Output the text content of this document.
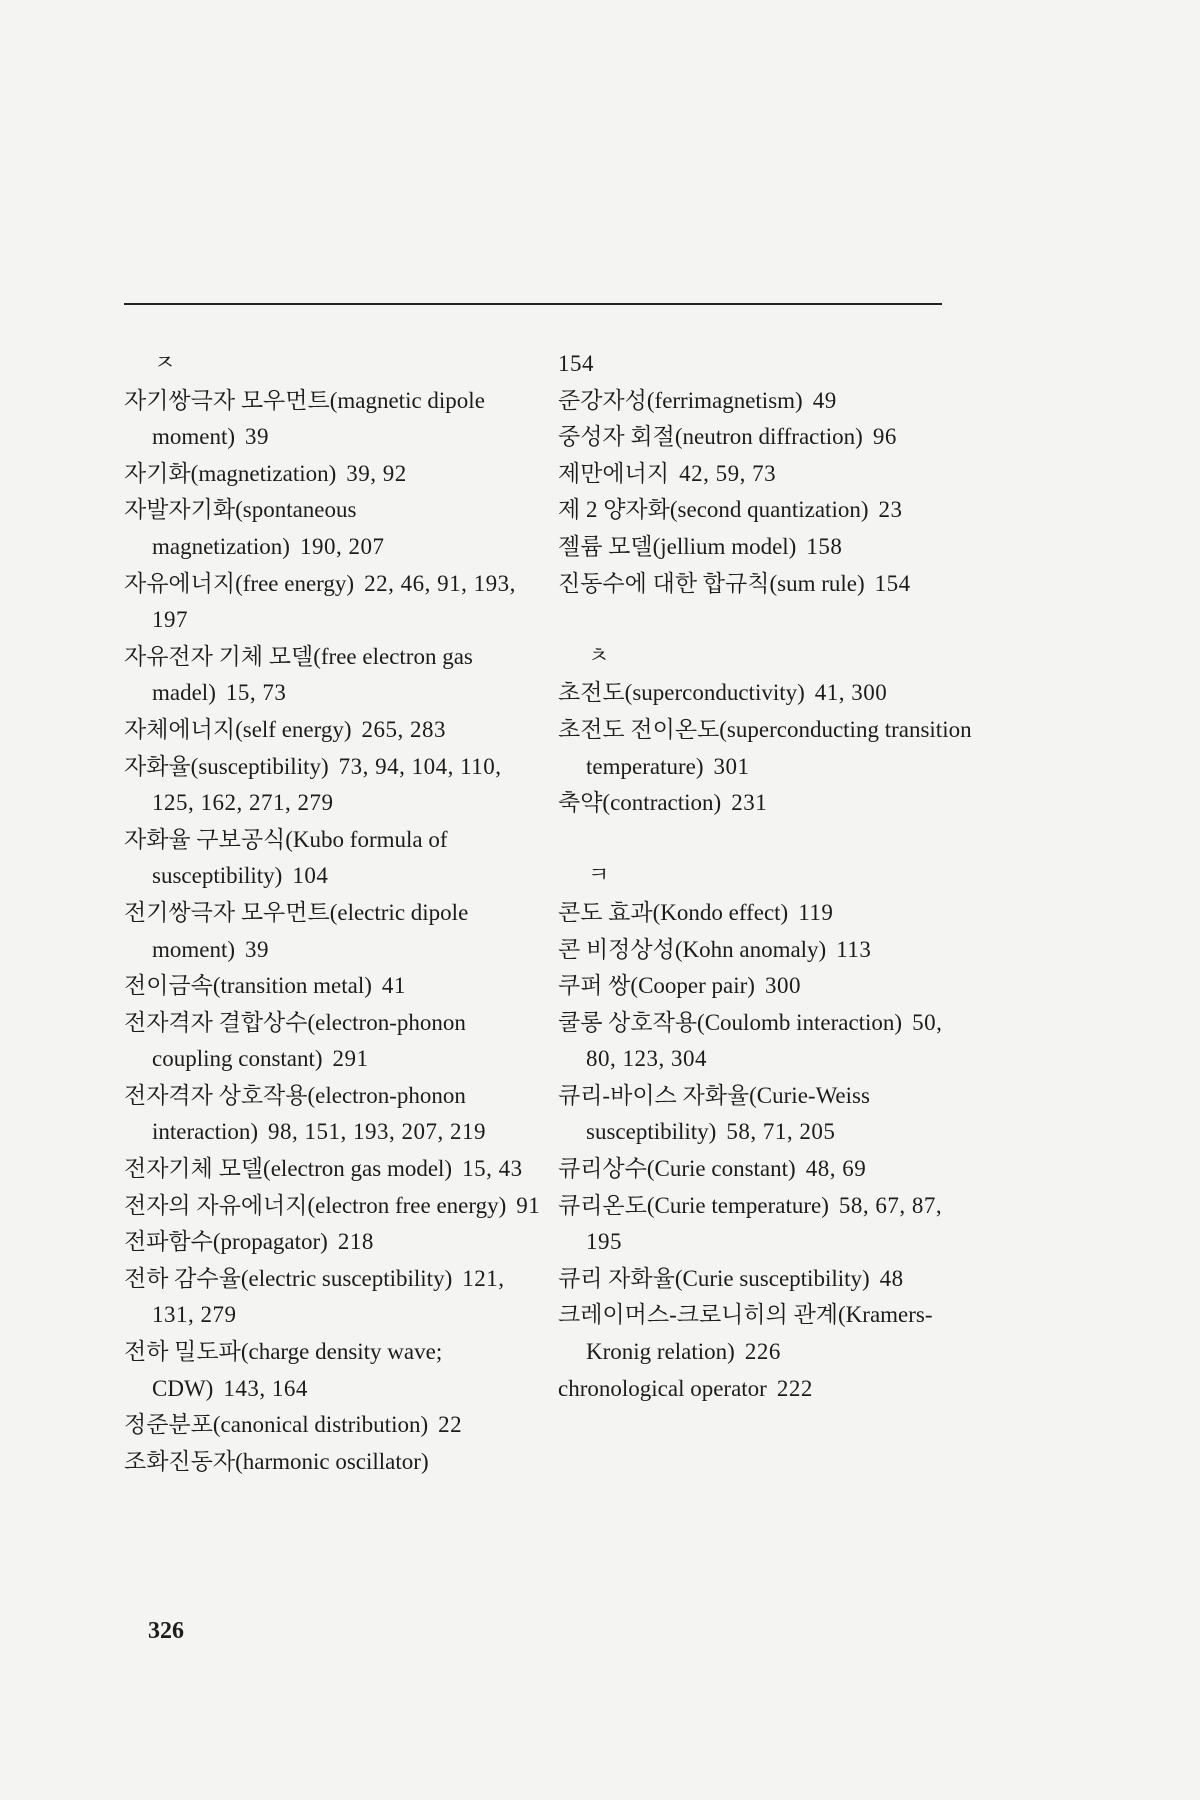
ㅈ
자기쌍극자 모우먼트(magnetic dipole moment) 39
자기화(magnetization) 39, 92
자발자기화(spontaneous magnetization) 190, 207
자유에너지(free energy) 22, 46, 91, 193, 197
자유전자 기체 모델(free electron gas madel) 15, 73
자체에너지(self energy) 265, 283
자화율(susceptibility) 73, 94, 104, 110, 125, 162, 271, 279
자화율 구보공식(Kubo formula of susceptibility) 104
전기쌍극자 모우먼트(electric dipole moment) 39
전이금속(transition metal) 41
전자격자 결합상수(electron-phonon coupling constant) 291
전자격자 상호작용(electron-phonon interaction) 98, 151, 193, 207, 219
전자기체 모델(electron gas model) 15, 43
전자의 자유에너지(electron free energy) 91
전파함수(propagator) 218
전하 감수율(electric susceptibility) 121, 131, 279
전하 밀도파(charge density wave; CDW) 143, 164
정준분포(canonical distribution) 22
조화진동자(harmonic oscillator)
154
준강자성(ferrimagnetism) 49
중성자 회절(neutron diffraction) 96
제만에너지 42, 59, 73
제 2 양자화(second quantization) 23
젤륨 모델(jellium model) 158
진동수에 대한 합규칙(sum rule) 154
ㅊ
초전도(superconductivity) 41, 300
초전도 전이온도(superconducting transition temperature) 301
축약(contraction) 231
ㅋ
콘도 효과(Kondo effect) 119
콘 비정상성(Kohn anomaly) 113
쿠퍼 쌍(Cooper pair) 300
쿨롱 상호작용(Coulomb interaction) 50, 80, 123, 304
큐리-바이스 자화율(Curie-Weiss susceptibility) 58, 71, 205
큐리상수(Curie constant) 48, 69
큐리온도(Curie temperature) 58, 67, 87, 195
큐리 자화율(Curie susceptibility) 48
크레이머스-크로니히의 관계(Kramers-Kronig relation) 226
chronological operator 222
326
